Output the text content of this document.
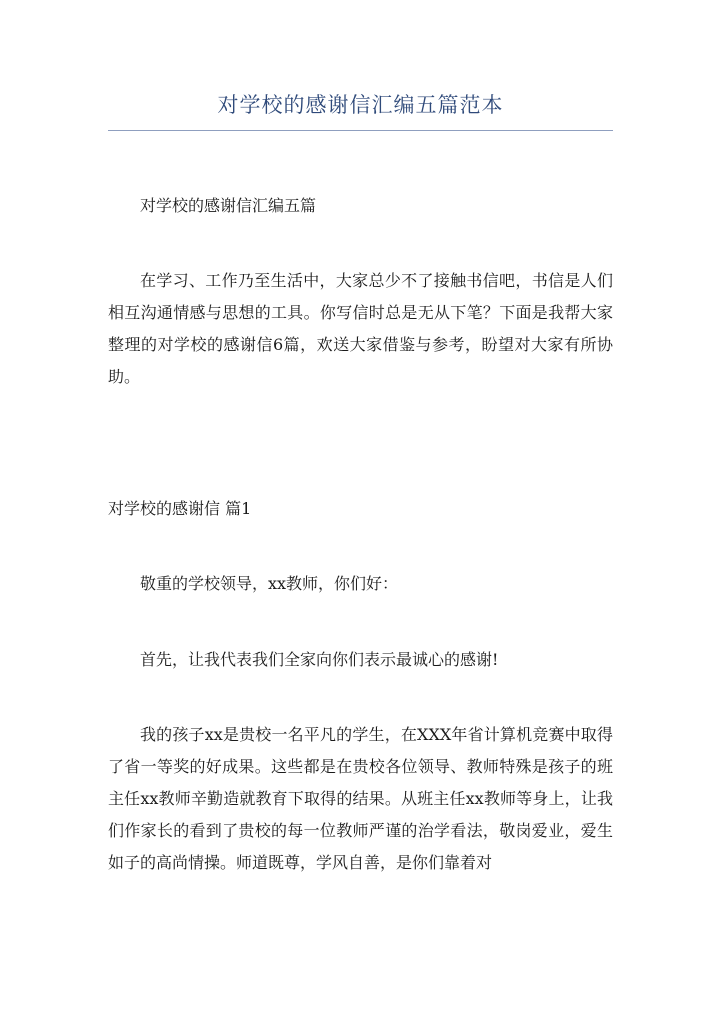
对学校的感谢信汇编五篇范本

对学校的感谢信汇编五篇

在学习、工作乃至生活中，大家总少不了接触书信吧，书信是人们相互沟通情感与思想的工具。你写信时总是无从下笔？下面是我帮大家整理的对学校的感谢信6篇，欢送大家借鉴与参考，盼望对大家有所协助。

对学校的感谢信 篇1

敬重的学校领导，xx教师，你们好：

首先，让我代表我们全家向你们表示最诚心的感谢!

我的孩子xx是贵校一名平凡的学生，在XXX年省计算机竞赛中取得了省一等奖的好成果。这些都是在贵校各位领导、教师特殊是孩子的班主任xx教师辛勤造就教育下取得的结果。从班主任xx教师等身上，让我们作家长的看到了贵校的每一位教师严谨的治学看法，敬岗爱业，爱生如子的高尚情操。师道既尊，学风自善，是你们靠着对
